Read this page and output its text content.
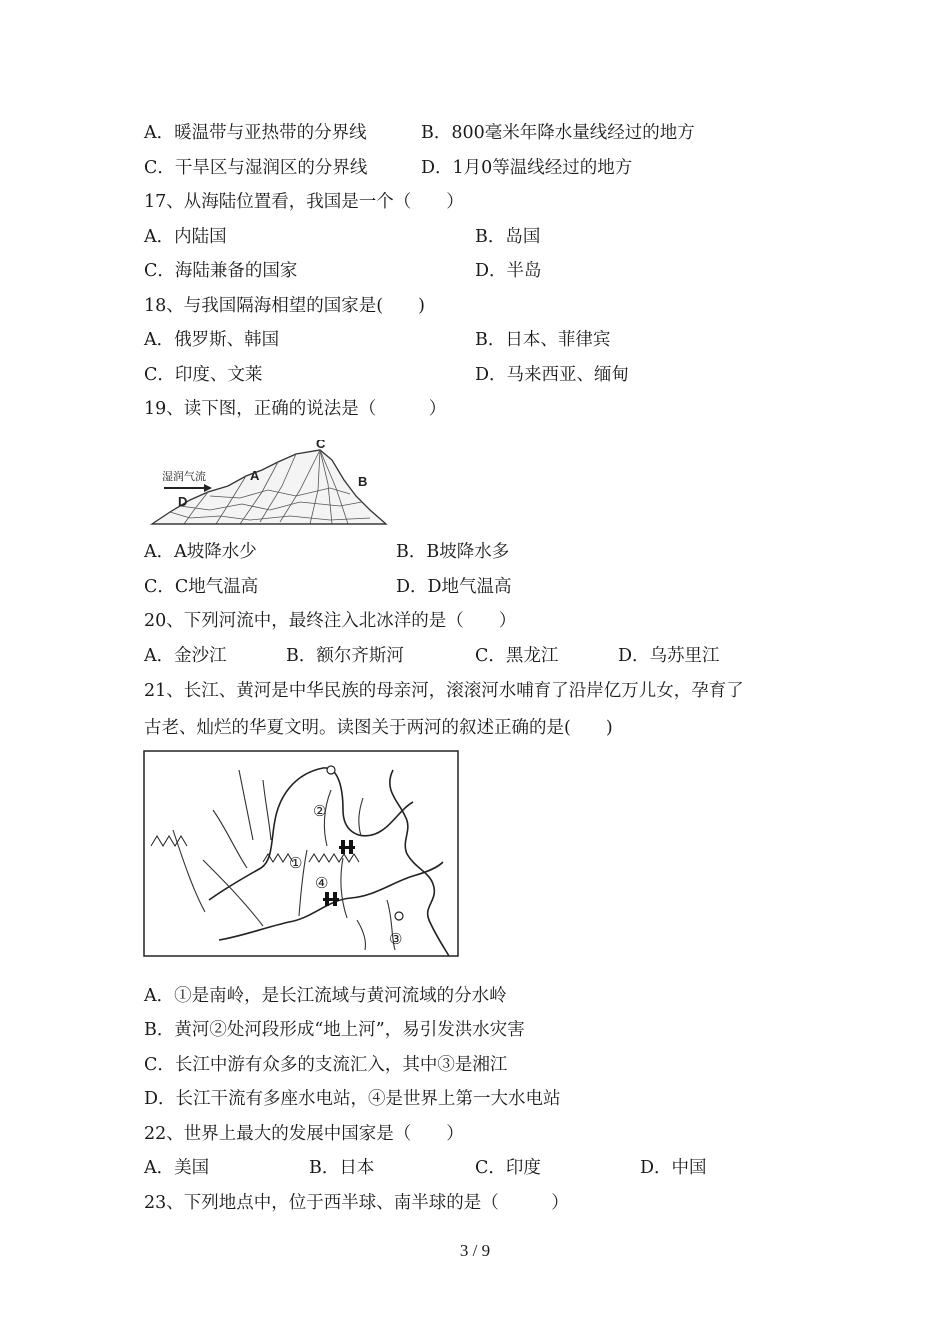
A．暖温带与亚热带的分界线	B．800毫米年降水量线经过的地方
C．干旱区与湿润区的分界线	D．1月0等温线经过的地方
17、从海陆位置看，我国是一个（　　）
A．内陆国	B．岛国
C．海陆兼备的国家	D．半岛
18、与我国隔海相望的国家是(　　)
A．俄罗斯、韩国	B．日本、菲律宾
C．印度、文莱	D．马来西亚、缅甸
19、读下图，正确的说法是（　　　）
湿润气流	A	B
C
D
A．A坡降水少	B．B坡降水多
C．C地气温高	D．D地气温高
20、下列河流中，最终注入北冰洋的是（　　）
A．金沙江	B．额尔齐斯河	C．黑龙江	D．乌苏里江
21、长江、黄河是中华民族的母亲河，滚滚河水哺育了沿岸亿万儿女，孕育了
古老、灿烂的华夏文明。读图关于两河的叙述正确的是(　　)
②
①
④
③
A．①是南岭，是长江流域与黄河流域的分水岭
B．黄河②处河段形成“地上河”，易引发洪水灾害
C．长江中游有众多的支流汇入，其中③是湘江
D．长江干流有多座水电站，④是世界上第一大水电站
22、世界上最大的发展中国家是（　　）
A．美国	B．日本	C．印度	D．中国
23、下列地点中，位于西半球、南半球的是（　　　）
3 / 9
